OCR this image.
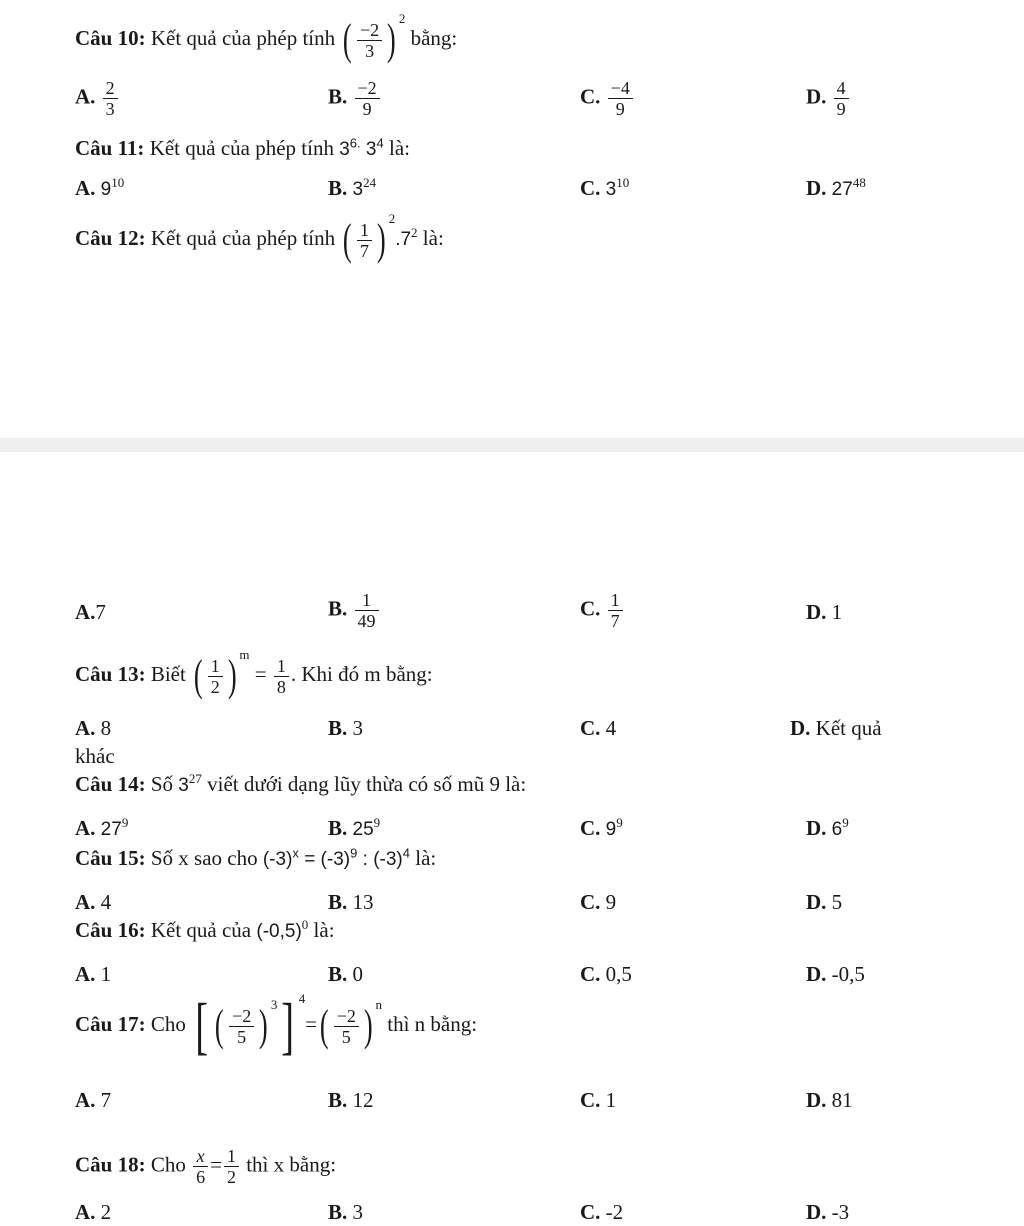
Câu 10: Kết quả của phép tính ( $\frac{-2}{3}$ ) $^2$ bằng:
A. $\frac{2}{3}$	B. $\frac{-2}{9}$	C. $\frac{-4}{9}$	D. $\frac{4}{9}$
Câu 11: Kết quả của phép tính $3^{6.}$ $3^4$ là:
A. $9^{10}$	B. $3^{24}$	C. $3^{10}$	D. $27^{48}$
Câu 12: Kết quả của phép tính ( $\frac{1}{7}$ ) $^2.7^2$ là:
A.7	B. $\frac{1}{49}$	C. $\frac{1}{7}$	D. 1
Câu 13: Biết ( $\frac{1}{2}$ ) $^m = \frac{1}{8}$ . Khi đó m bằng:
A. 8	B. 3	C. 4	D. Kết quả
khác
Câu 14: Số $3^{27}$ viết dưới dạng lũy thừa có số mũ 9 là:
A. $27^9$	B. $25^9$	C. $9^9$	D. $6^9$
Câu 15: Số x sao cho $(-3)^x = (-3)^9$ : $(-3)^4$ là:
A. 4	B. 13	C. 9	D. 5
Câu 16: Kết quả của $(-0,5)^0$ là:
A. 1	B. 0	C. 0,5	D. -0,5
Câu 17: Cho [ ( $\frac{-2}{5}$ ) $^3$] $^4=( \frac{-2}{5}$ ) $^n$ thì n bằng:
A. 7	B. 12	C. 1	D. 81
Câu 18: Cho $\frac{x}{6} = \frac{1}{2}$ thì x bằng:
A. 2	B. 3	C. -2	D. -3
